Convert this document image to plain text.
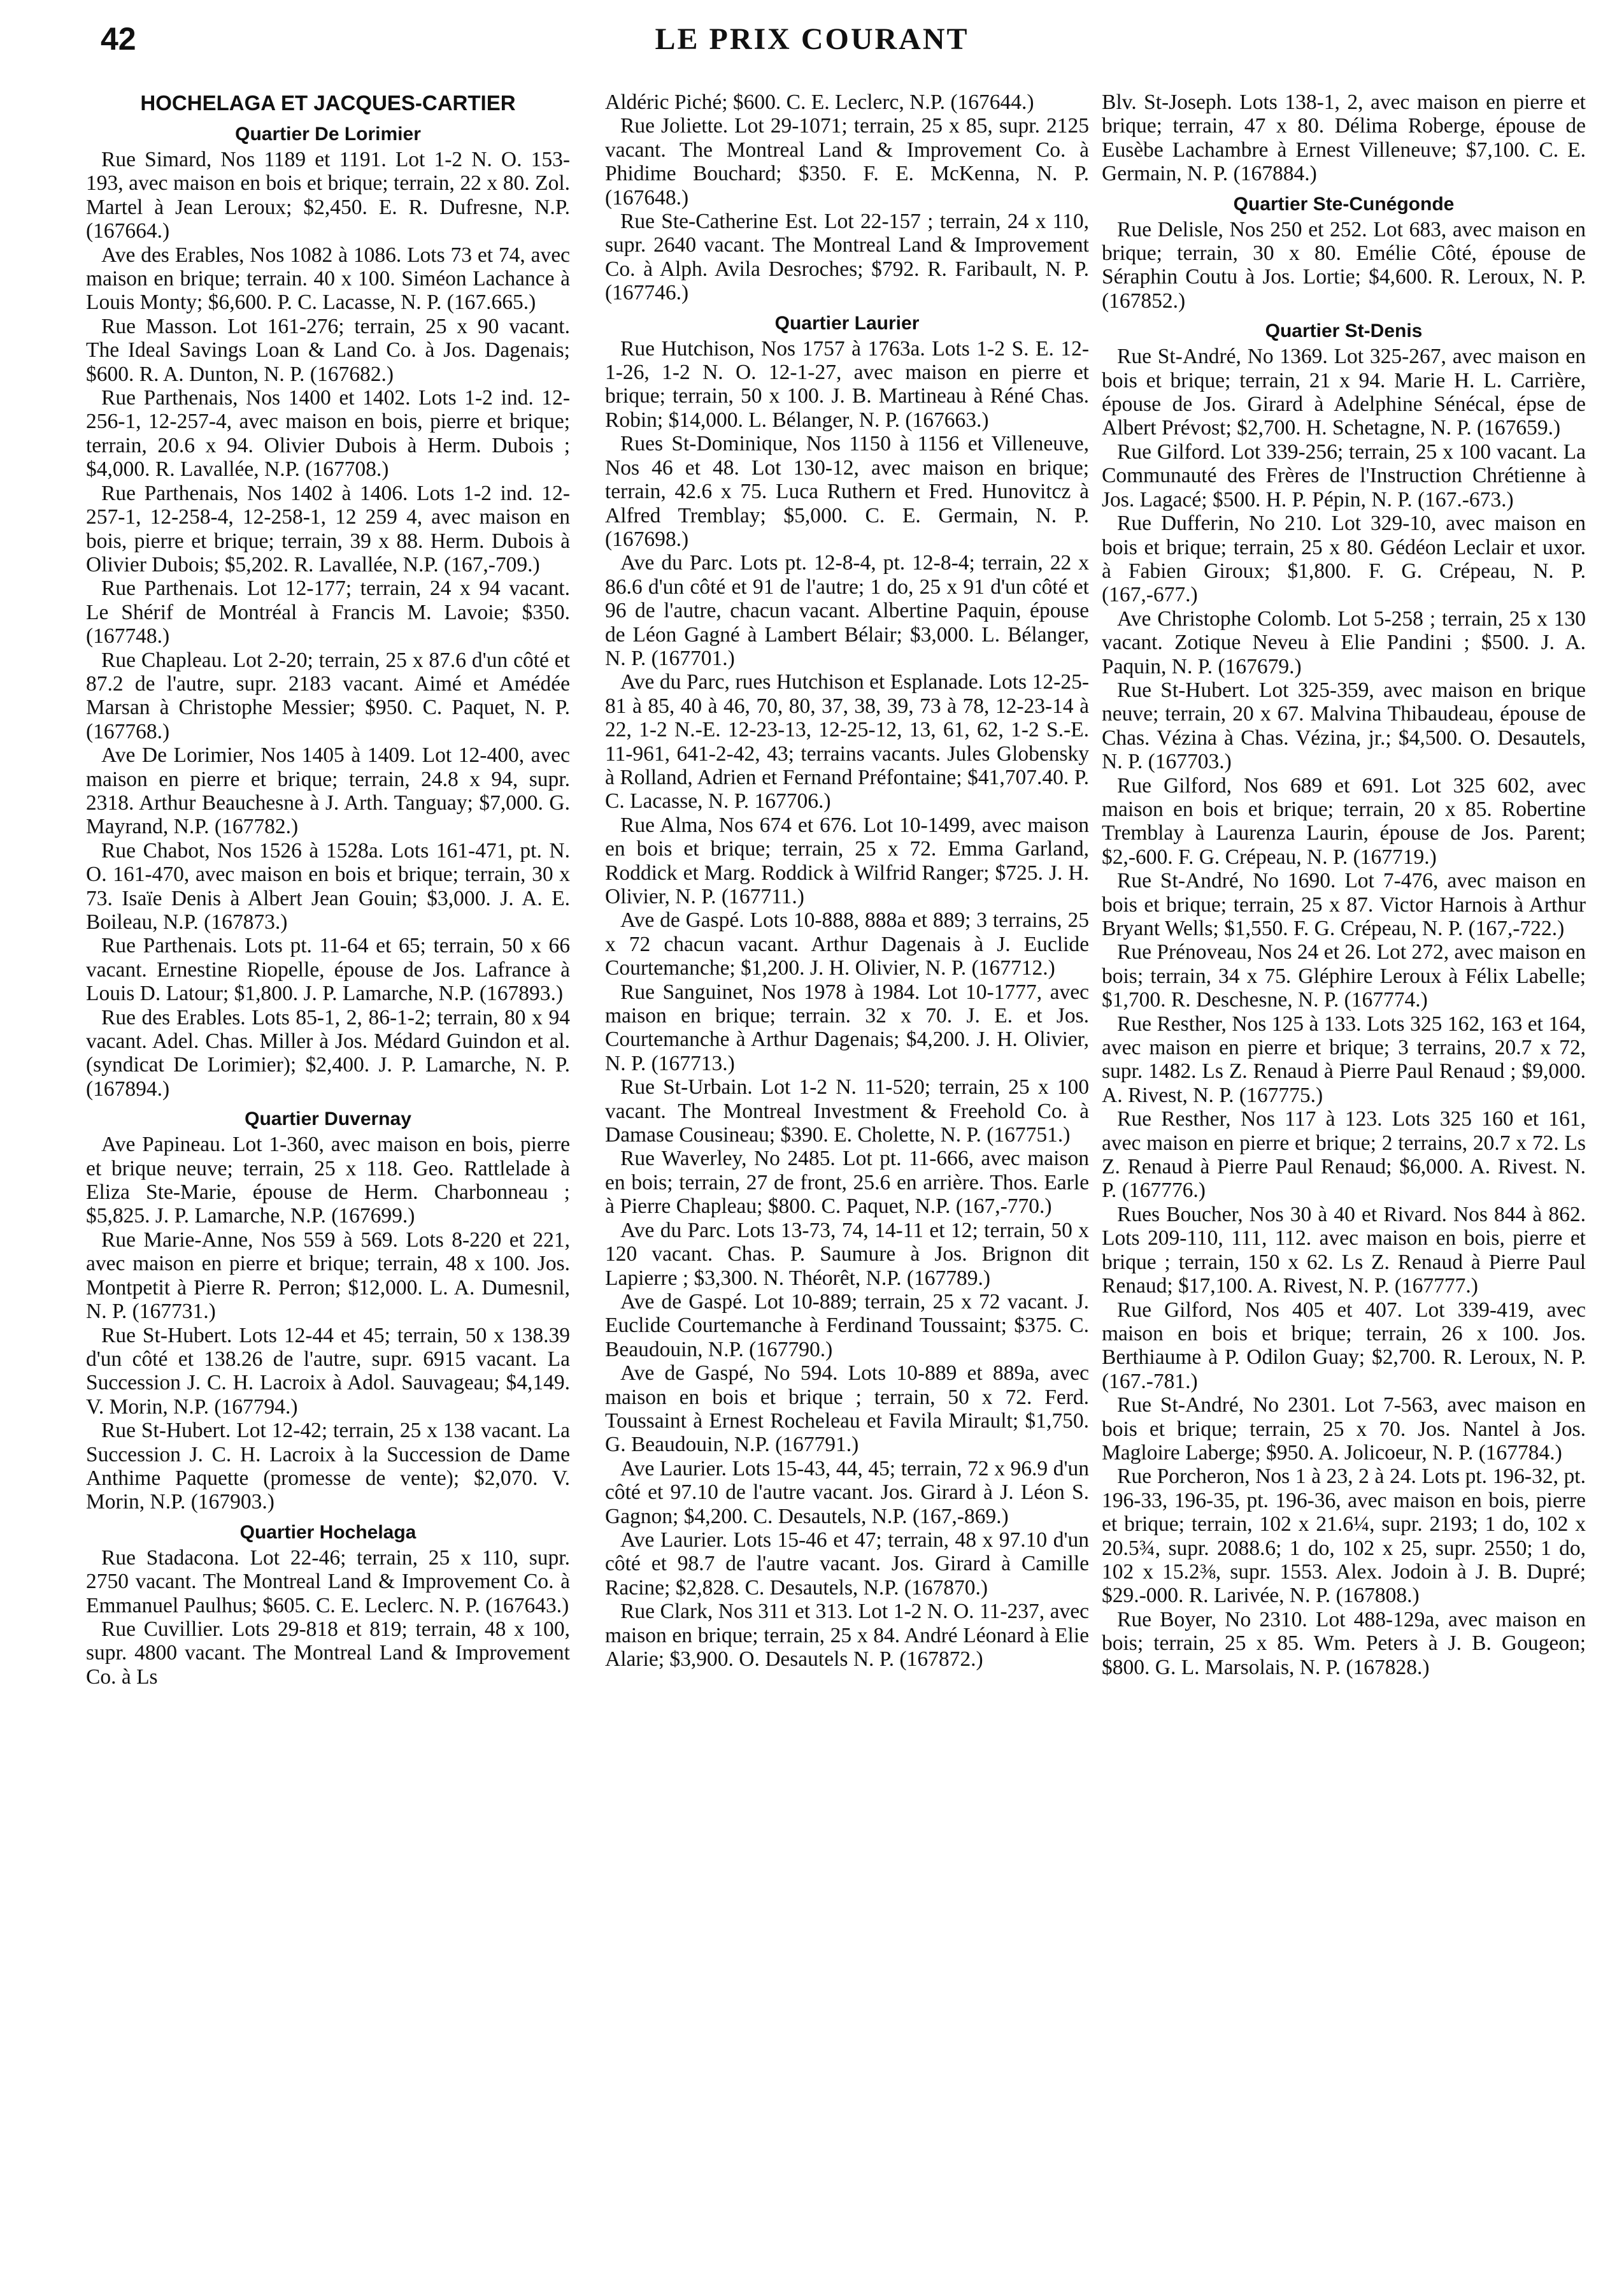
42	LE PRIX COURANT

HOCHELAGA ET JACQUES-CARTIER

Quartier De Lorimier

Rue Simard, Nos 1189 et 1191. Lot 1-2 N. O. 153-193, avec maison en bois et brique; terrain, 22 x 80. Zol. Martel à Jean Leroux; $2,450. E. R. Dufresne, N.P. (167664.)

Ave des Erables, Nos 1082 à 1086. Lots 73 et 74, avec maison en brique; terrain. 40 x 100. Siméon Lachance à Louis Monty; $6,600. P. C. Lacasse, N. P. (167.665.)

Rue Masson. Lot 161-276; terrain, 25 x 90 vacant. The Ideal Savings Loan & Land Co. à Jos. Dagenais; $600. R. A. Dunton, N. P. (167682.)

Rue Parthenais, Nos 1400 et 1402. Lots 1-2 ind. 12-256-1, 12-257-4, avec maison en bois, pierre et brique; terrain, 20.6 x 94. Olivier Dubois à Herm. Dubois ; $4,000. R. Lavallée, N.P. (167708.)

Rue Parthenais, Nos 1402 à 1406. Lots 1-2 ind. 12-257-1, 12-258-4, 12-258-1, 12 259 4, avec maison en bois, pierre et brique; terrain, 39 x 88. Herm. Dubois à Olivier Dubois; $5,202. R. Lavallée, N.P. (167,-709.)

Rue Parthenais. Lot 12-177; terrain, 24 x 94 vacant. Le Shérif de Montréal à Francis M. Lavoie; $350. (167748.)

Rue Chapleau. Lot 2-20; terrain, 25 x 87.6 d'un côté et 87.2 de l'autre, supr. 2183 vacant. Aimé et Amédée Marsan à Christophe Messier; $950. C. Paquet, N. P. (167768.)

Ave De Lorimier, Nos 1405 à 1409. Lot 12-400, avec maison en pierre et brique; terrain, 24.8 x 94, supr. 2318. Arthur Beauchesne à J. Arth. Tanguay; $7,000. G. Mayrand, N.P. (167782.)

Rue Chabot, Nos 1526 à 1528a. Lots 161-471, pt. N. O. 161-470, avec maison en bois et brique; terrain, 30 x 73. Isaïe Denis à Albert Jean Gouin; $3,000. J. A. E. Boileau, N.P. (167873.)

Rue Parthenais. Lots pt. 11-64 et 65; terrain, 50 x 66 vacant. Ernestine Riopelle, épouse de Jos. Lafrance à Louis D. Latour; $1,800. J. P. Lamarche, N.P. (167893.)

Rue des Erables. Lots 85-1, 2, 86-1-2; terrain, 80 x 94 vacant. Adel. Chas. Miller à Jos. Médard Guindon et al. (syndicat De Lorimier); $2,400. J. P. Lamarche, N. P. (167894.)

Quartier Duvernay

Ave Papineau. Lot 1-360, avec maison en bois, pierre et brique neuve; terrain, 25 x 118. Geo. Rattlelade à Eliza Ste-Marie, épouse de Herm. Charbonneau ; $5,825. J. P. Lamarche, N.P. (167699.)

Rue Marie-Anne, Nos 559 à 569. Lots 8-220 et 221, avec maison en pierre et brique; terrain, 48 x 100. Jos. Montpetit à Pierre R. Perron; $12,000. L. A. Dumesnil, N. P. (167731.)

Rue St-Hubert. Lots 12-44 et 45; terrain, 50 x 138.39 d'un côté et 138.26 de l'autre, supr. 6915 vacant. La Succession J. C. H. Lacroix à Adol. Sauvageau; $4,149. V. Morin, N.P. (167794.)

Rue St-Hubert. Lot 12-42; terrain, 25 x 138 vacant. La Succession J. C. H. Lacroix à la Succession de Dame Anthime Paquette (promesse de vente); $2,070. V. Morin, N.P. (167903.)

Quartier Hochelaga

Rue Stadacona. Lot 22-46; terrain, 25 x 110, supr. 2750 vacant. The Montreal Land & Improvement Co. à Emmanuel Paulhus; $605. C. E. Leclerc. N. P. (167643.)

Rue Cuvillier. Lots 29-818 et 819; terrain, 48 x 100, supr. 4800 vacant. The Montreal Land & Improvement Co. à Ls

Aldéric Piché; $600. C. E. Leclerc, N.P. (167644.)

Rue Joliette. Lot 29-1071; terrain, 25 x 85, supr. 2125 vacant. The Montreal Land & Improvement Co. à Phidime Bouchard; $350. F. E. McKenna, N. P. (167648.)

Rue Ste-Catherine Est. Lot 22-157 ; terrain, 24 x 110, supr. 2640 vacant. The Montreal Land & Improvement Co. à Alph. Avila Desroches; $792. R. Faribault, N. P. (167746.)

Quartier Laurier

Rue Hutchison, Nos 1757 à 1763a. Lots 1-2 S. E. 12-1-26, 1-2 N. O. 12-1-27, avec maison en pierre et brique; terrain, 50 x 100. J. B. Martineau à Réné Chas. Robin; $14,000. L. Bélanger, N. P. (167663.)

Rues St-Dominique, Nos 1150 à 1156 et Villeneuve, Nos 46 et 48. Lot 130-12, avec maison en brique; terrain, 42.6 x 75. Luca Ruthern et Fred. Hunovitcz à Alfred Tremblay; $5,000. C. E. Germain, N. P. (167698.)

Ave du Parc. Lots pt. 12-8-4, pt. 12-8-4; terrain, 22 x 86.6 d'un côté et 91 de l'autre; 1 do, 25 x 91 d'un côté et 96 de l'autre, chacun vacant. Albertine Paquin, épouse de Léon Gagné à Lambert Bélair; $3,000. L. Bélanger, N. P. (167701.)

Ave du Parc, rues Hutchison et Esplanade. Lots 12-25-81 à 85, 40 à 46, 70, 80, 37, 38, 39, 73 à 78, 12-23-14 à 22, 1-2 N.-E. 12-23-13, 12-25-12, 13, 61, 62, 1-2 S.-E. 11-961, 641-2-42, 43; terrains vacants. Jules Globensky à Rolland, Adrien et Fernand Préfontaine; $41,707.40. P. C. Lacasse, N. P. 167706.)

Rue Alma, Nos 674 et 676. Lot 10-1499, avec maison en bois et brique; terrain, 25 x 72. Emma Garland, Roddick et Marg. Roddick à Wilfrid Ranger; $725. J. H. Olivier, N. P. (167711.)

Ave de Gaspé. Lots 10-888, 888a et 889; 3 terrains, 25 x 72 chacun vacant. Arthur Dagenais à J. Euclide Courtemanche; $1,200. J. H. Olivier, N. P. (167712.)

Rue Sanguinet, Nos 1978 à 1984. Lot 10-1777, avec maison en brique; terrain. 32 x 70. J. E. et Jos. Courtemanche à Arthur Dagenais; $4,200. J. H. Olivier, N. P. (167713.)

Rue St-Urbain. Lot 1-2 N. 11-520; terrain, 25 x 100 vacant. The Montreal Investment & Freehold Co. à Damase Cousineau; $390. E. Cholette, N. P. (167751.)

Rue Waverley, No 2485. Lot pt. 11-666, avec maison en bois; terrain, 27 de front, 25.6 en arrière. Thos. Earle à Pierre Chapleau; $800. C. Paquet, N.P. (167,-770.)

Ave du Parc. Lots 13-73, 74, 14-11 et 12; terrain, 50 x 120 vacant. Chas. P. Saumure à Jos. Brignon dit Lapierre ; $3,300. N. Théorêt, N.P. (167789.)

Ave de Gaspé. Lot 10-889; terrain, 25 x 72 vacant. J. Euclide Courtemanche à Ferdinand Toussaint; $375. C. Beaudouin, N.P. (167790.)

Ave de Gaspé, No 594. Lots 10-889 et 889a, avec maison en bois et brique ; terrain, 50 x 72. Ferd. Toussaint à Ernest Rocheleau et Favila Mirault; $1,750. G. Beaudouin, N.P. (167791.)

Ave Laurier. Lots 15-43, 44, 45; terrain, 72 x 96.9 d'un côté et 97.10 de l'autre vacant. Jos. Girard à J. Léon S. Gagnon; $4,200. C. Desautels, N.P. (167,-869.)

Ave Laurier. Lots 15-46 et 47; terrain, 48 x 97.10 d'un côté et 98.7 de l'autre vacant. Jos. Girard à Camille Racine; $2,828. C. Desautels, N.P. (167870.)

Rue Clark, Nos 311 et 313. Lot 1-2 N. O. 11-237, avec maison en brique; terrain, 25 x 84. André Léonard à Elie Alarie; $3,900. O. Desautels N. P. (167872.)

Blv. St-Joseph. Lots 138-1, 2, avec maison en pierre et brique; terrain, 47 x 80. Délima Roberge, épouse de Eusèbe Lachambre à Ernest Villeneuve; $7,100. C. E. Germain, N. P. (167884.)

Quartier Ste-Cunégonde

Rue Delisle, Nos 250 et 252. Lot 683, avec maison en brique; terrain, 30 x 80. Emélie Côté, épouse de Séraphin Coutu à Jos. Lortie; $4,600. R. Leroux, N. P. (167852.)

Quartier St-Denis

Rue St-André, No 1369. Lot 325-267, avec maison en bois et brique; terrain, 21 x 94. Marie H. L. Carrière, épouse de Jos. Girard à Adelphine Sénécal, épse de Albert Prévost; $2,700. H. Schetagne, N. P. (167659.)

Rue Gilford. Lot 339-256; terrain, 25 x 100 vacant. La Communauté des Frères de l'Instruction Chrétienne à Jos. Lagacé; $500. H. P. Pépin, N. P. (167.-673.)

Rue Dufferin, No 210. Lot 329-10, avec maison en bois et brique; terrain, 25 x 80. Gédéon Leclair et uxor. à Fabien Giroux; $1,800. F. G. Crépeau, N. P. (167,-677.)

Ave Christophe Colomb. Lot 5-258 ; terrain, 25 x 130 vacant. Zotique Neveu à Elie Pandini ; $500. J. A. Paquin, N. P. (167679.)

Rue St-Hubert. Lot 325-359, avec maison en brique neuve; terrain, 20 x 67. Malvina Thibaudeau, épouse de Chas. Vézina à Chas. Vézina, jr.; $4,500. O. Desautels, N. P. (167703.)

Rue Gilford, Nos 689 et 691. Lot 325 602, avec maison en bois et brique; terrain, 20 x 85. Robertine Tremblay à Laurenza Laurin, épouse de Jos. Parent; $2,-600. F. G. Crépeau, N. P. (167719.)

Rue St-André, No 1690. Lot 7-476, avec maison en bois et brique; terrain, 25 x 87. Victor Harnois à Arthur Bryant Wells; $1,550. F. G. Crépeau, N. P. (167,-722.)

Rue Prénoveau, Nos 24 et 26. Lot 272, avec maison en bois; terrain, 34 x 75. Gléphire Leroux à Félix Labelle; $1,700. R. Deschesne, N. P. (167774.)

Rue Resther, Nos 125 à 133. Lots 325 162, 163 et 164, avec maison en pierre et brique; 3 terrains, 20.7 x 72, supr. 1482. Ls Z. Renaud à Pierre Paul Renaud ; $9,000. A. Rivest, N. P. (167775.)

Rue Resther, Nos 117 à 123. Lots 325 160 et 161, avec maison en pierre et brique; 2 terrains, 20.7 x 72. Ls Z. Renaud à Pierre Paul Renaud; $6,000. A. Rivest. N. P. (167776.)

Rues Boucher, Nos 30 à 40 et Rivard. Nos 844 à 862. Lots 209-110, 111, 112. avec maison en bois, pierre et brique ; terrain, 150 x 62. Ls Z. Renaud à Pierre Paul Renaud; $17,100. A. Rivest, N. P. (167777.)

Rue Gilford, Nos 405 et 407. Lot 339-419, avec maison en bois et brique; terrain, 26 x 100. Jos. Berthiaume à P. Odilon Guay; $2,700. R. Leroux, N. P. (167.-781.)

Rue St-André, No 2301. Lot 7-563, avec maison en bois et brique; terrain, 25 x 70. Jos. Nantel à Jos. Magloire Laberge; $950. A. Jolicoeur, N. P. (167784.)

Rue Porcheron, Nos 1 à 23, 2 à 24. Lots pt. 196-32, pt. 196-33, 196-35, pt. 196-36, avec maison en bois, pierre et brique; terrain, 102 x 21.6¼, supr. 2193; 1 do, 102 x 20.5¾, supr. 2088.6; 1 do, 102 x 25, supr. 2550; 1 do, 102 x 15.2⅜, supr. 1553. Alex. Jodoin à J. B. Dupré; $29.-000. R. Larivée, N. P. (167808.)

Rue Boyer, No 2310. Lot 488-129a, avec maison en bois; terrain, 25 x 85. Wm. Peters à J. B. Gougeon; $800. G. L. Marsolais, N. P. (167828.)
